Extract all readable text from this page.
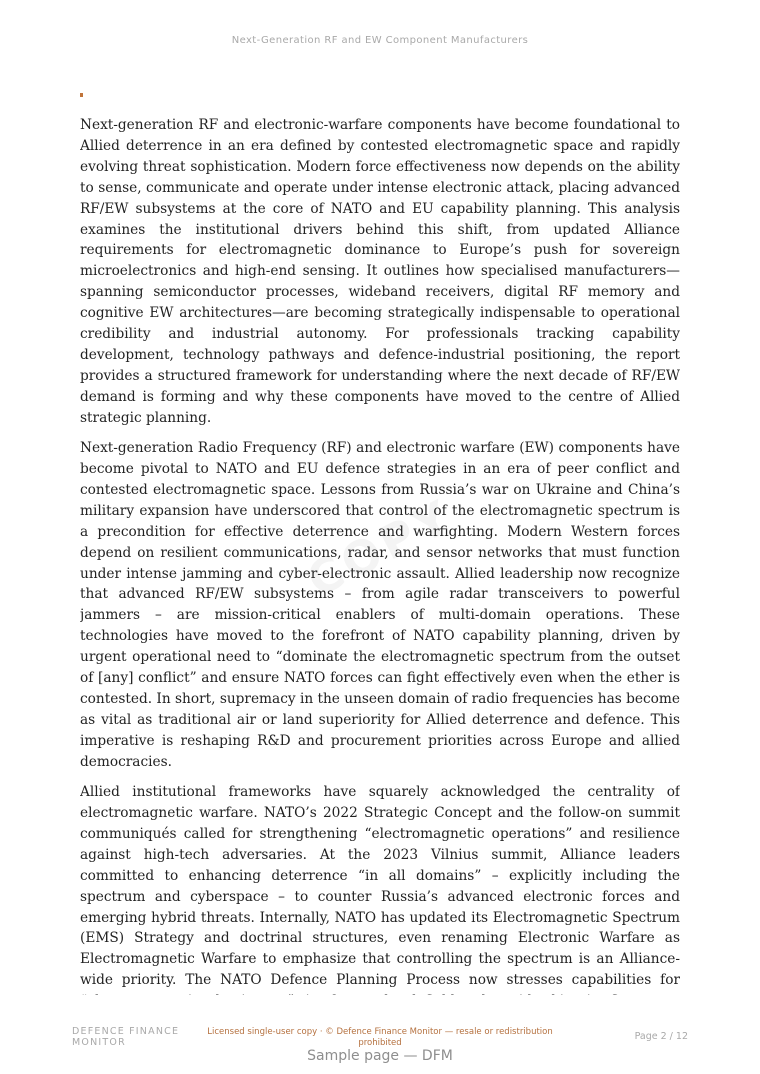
Next-Generation RF and EW Component Manufacturers

Next-generation RF and electronic-warfare components have become foundational to Allied deterrence in an era defined by contested electromagnetic space and rapidly evolving threat sophistication. Modern force effectiveness now depends on the ability to sense, communicate and operate under intense electronic attack, placing advanced RF/EW subsystems at the core of NATO and EU capability planning. This analysis examines the institutional drivers behind this shift, from updated Alliance requirements for electromagnetic dominance to Europe’s push for sovereign microelectronics and high-end sensing. It outlines how specialised manufacturers—spanning semiconductor processes, wideband receivers, digital RF memory and cognitive EW architectures—are becoming strategically indispensable to operational credibility and industrial autonomy. For professionals tracking capability development, technology pathways and defence-industrial positioning, the report provides a structured framework for understanding where the next decade of RF/EW demand is forming and why these components have moved to the centre of Allied strategic planning.

Next-generation Radio Frequency (RF) and electronic warfare (EW) components have become pivotal to NATO and EU defence strategies in an era of peer conflict and contested electromagnetic space. Lessons from Russia’s war on Ukraine and China’s military expansion have underscored that control of the electromagnetic spectrum is a precondition for effective deterrence and warfighting. Modern Western forces depend on resilient communications, radar, and sensor networks that must function under intense jamming and cyber-electronic assault. Allied leadership now recognize that advanced RF/EW subsystems – from agile radar transceivers to powerful jammers – are mission-critical enablers of multi-domain operations. These technologies have moved to the forefront of NATO capability planning, driven by urgent operational need to “dominate the electromagnetic spectrum from the outset of [any] conflict” and ensure NATO forces can fight effectively even when the ether is contested. In short, supremacy in the unseen domain of radio frequencies has become as vital as traditional air or land superiority for Allied deterrence and defence. This imperative is reshaping R&D and procurement priorities across Europe and allied democracies.

Allied institutional frameworks have squarely acknowledged the centrality of electromagnetic warfare. NATO’s 2022 Strategic Concept and the follow-on summit communiqués called for strengthening “electromagnetic operations” and resilience against high-tech adversaries. At the 2023 Vilnius summit, Alliance leaders committed to enhancing deterrence “in all domains” – explicitly including the spectrum and cyberspace – to counter Russia’s advanced electronic forces and emerging hybrid threats. Internally, NATO has updated its Electromagnetic Spectrum (EMS) Strategy and doctrinal structures, even renaming Electronic Warfare as Electromagnetic Warfare to emphasize that controlling the spectrum is an Alliance-wide priority. The NATO Defence Planning Process now stresses capabilities for

DEFENCE FINANCE
MONITOR
Licensed single-user copy · © Defence Finance Monitor — resale or redistribution prohibited
Page 2 / 12
Sample page — DFM
